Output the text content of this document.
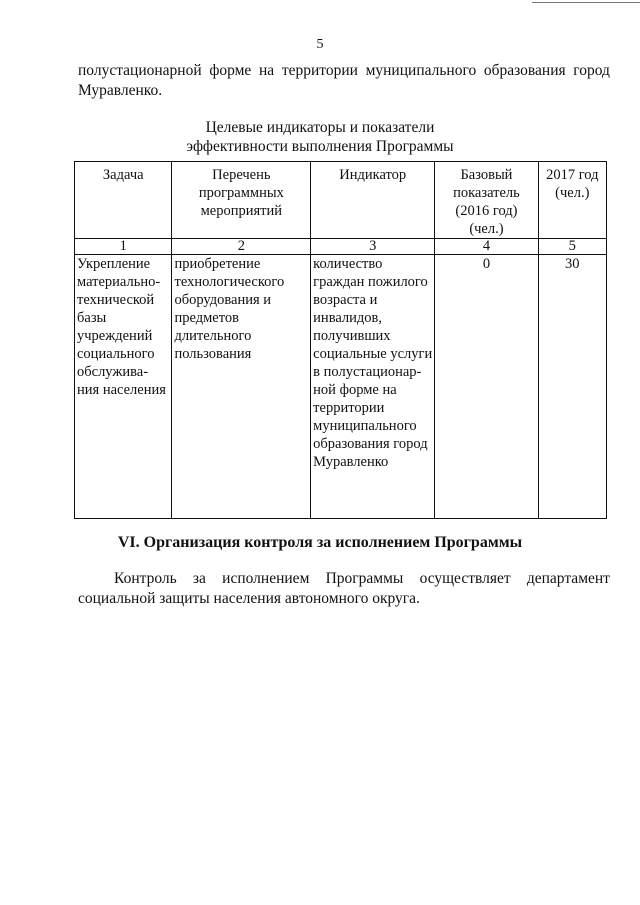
5
полустационарной форме на территории муниципального образования город
Муравленко.
Целевые индикаторы и показатели
эффективности выполнения Программы
Задача	Перечень программных мероприятий	Индикатор	Базовый показатель (2016 год) (чел.)	2017 год (чел.)
1	2	3	4	5
Укрепление материально-технической базы учреждений социального обслужива-ния населения	приобретение технологического оборудования и предметов длительного пользования	количество граждан пожилого возраста и инвалидов, получивших социальные услуги в полустационар-ной форме на территории муниципального образования город Муравленко	0	30
VI. Организация контроля за исполнением Программы
Контроль за исполнением Программы осуществляет департамент
социальной защиты населения автономного округа.
